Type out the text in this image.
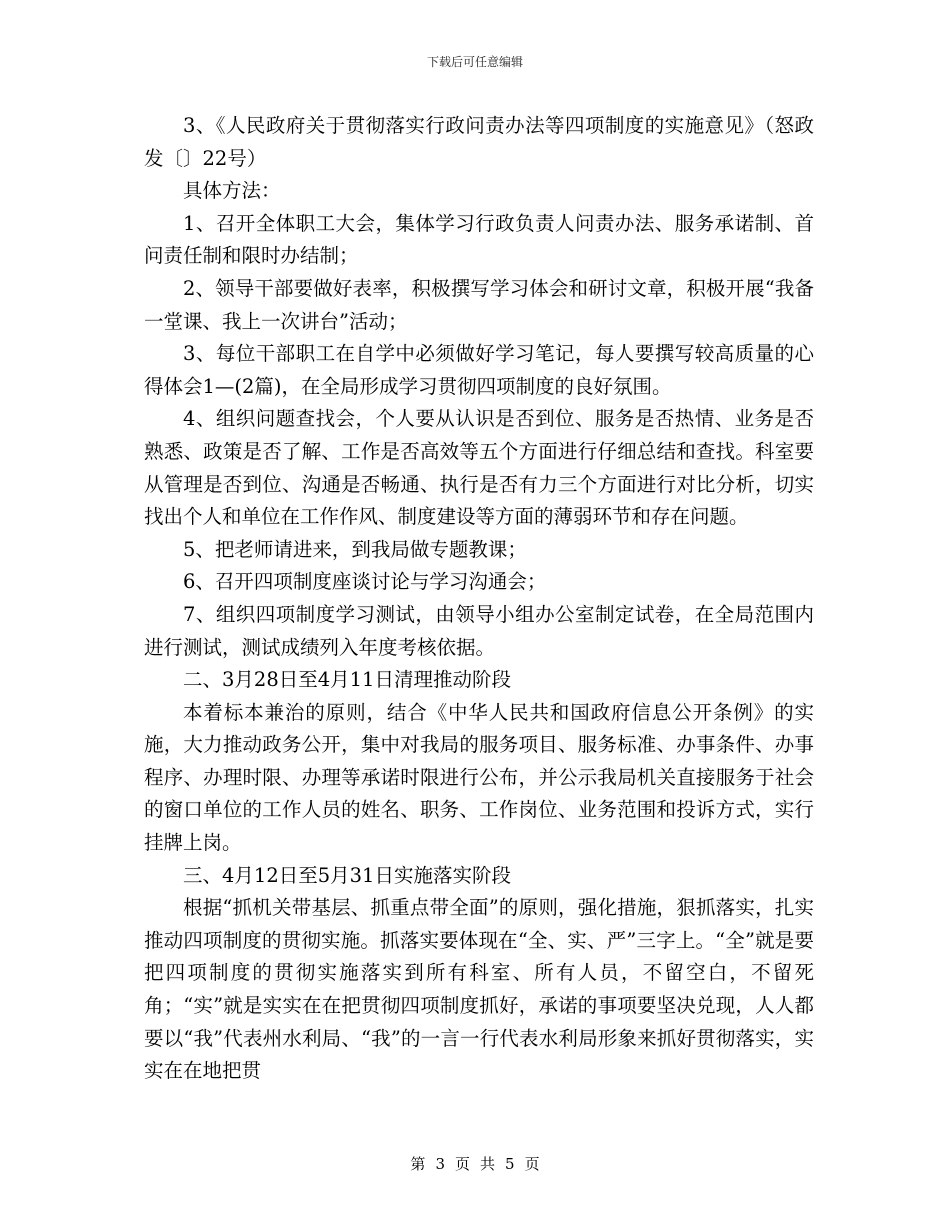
下载后可任意编辑

3、《人民政府关于贯彻落实行政问责办法等四项制度的实施意见》（怒政发〔〕22号）

具体方法：

1、召开全体职工大会，集体学习行政负责人问责办法、服务承诺制、首问责任制和限时办结制；

2、领导干部要做好表率，积极撰写学习体会和研讨文章，积极开展“我备一堂课、我上一次讲台”活动；

3、每位干部职工在自学中必须做好学习笔记，每人要撰写较高质量的心得体会1—(2篇)，在全局形成学习贯彻四项制度的良好氛围。

4、组织问题查找会，个人要从认识是否到位、服务是否热情、业务是否熟悉、政策是否了解、工作是否高效等五个方面进行仔细总结和查找。科室要从管理是否到位、沟通是否畅通、执行是否有力三个方面进行对比分析，切实找出个人和单位在工作作风、制度建设等方面的薄弱环节和存在问题。

5、把老师请进来，到我局做专题教课；

6、召开四项制度座谈讨论与学习沟通会；

7、组织四项制度学习测试，由领导小组办公室制定试卷，在全局范围内进行测试，测试成绩列入年度考核依据。

二、3月28日至4月11日清理推动阶段

本着标本兼治的原则，结合《中华人民共和国政府信息公开条例》的实施，大力推动政务公开，集中对我局的服务项目、服务标准、办事条件、办事程序、办理时限、办理等承诺时限进行公布，并公示我局机关直接服务于社会的窗口单位的工作人员的姓名、职务、工作岗位、业务范围和投诉方式，实行挂牌上岗。

三、4月12日至5月31日实施落实阶段

根据“抓机关带基层、抓重点带全面”的原则，强化措施，狠抓落实，扎实推动四项制度的贯彻实施。抓落实要体现在“全、实、严”三字上。“全”就是要把四项制度的贯彻实施落实到所有科室、所有人员，不留空白，不留死角；“实”就是实实在在把贯彻四项制度抓好，承诺的事项要坚决兑现，人人都要以“我”代表州水利局、“我”的一言一行代表水利局形象来抓好贯彻落实，实实在在地把贯

第 3 页 共 5 页
